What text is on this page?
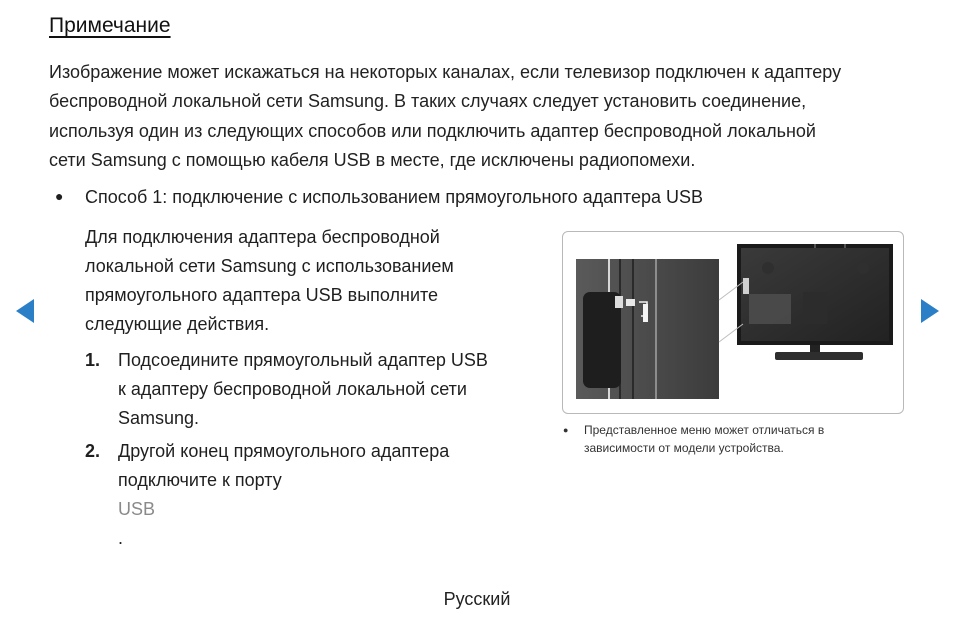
Примечание
Изображение может искажаться на некоторых каналах, если телевизор подключен к адаптеру
беспроводной локальной сети Samsung. В таких случаях следует установить соединение,
используя один из следующих способов или подключить адаптер беспроводной локальной
сети Samsung с помощью кабеля USB в месте, где исключены радиопомехи.
● Способ 1: подключение с использованием прямоугольного адаптера USB
Для подключения адаптера беспроводной
локальной сети Samsung с использованием
прямоугольного адаптера USB выполните
следующие действия.
1. Подсоедините прямоугольный адаптер USB
к адаптеру беспроводной локальной сети
Samsung.
2. Другой конец прямоугольного адаптера
подключите к порту
USB
.
● Представленное меню может отличаться в
зависимости от модели устройства.
Русский
